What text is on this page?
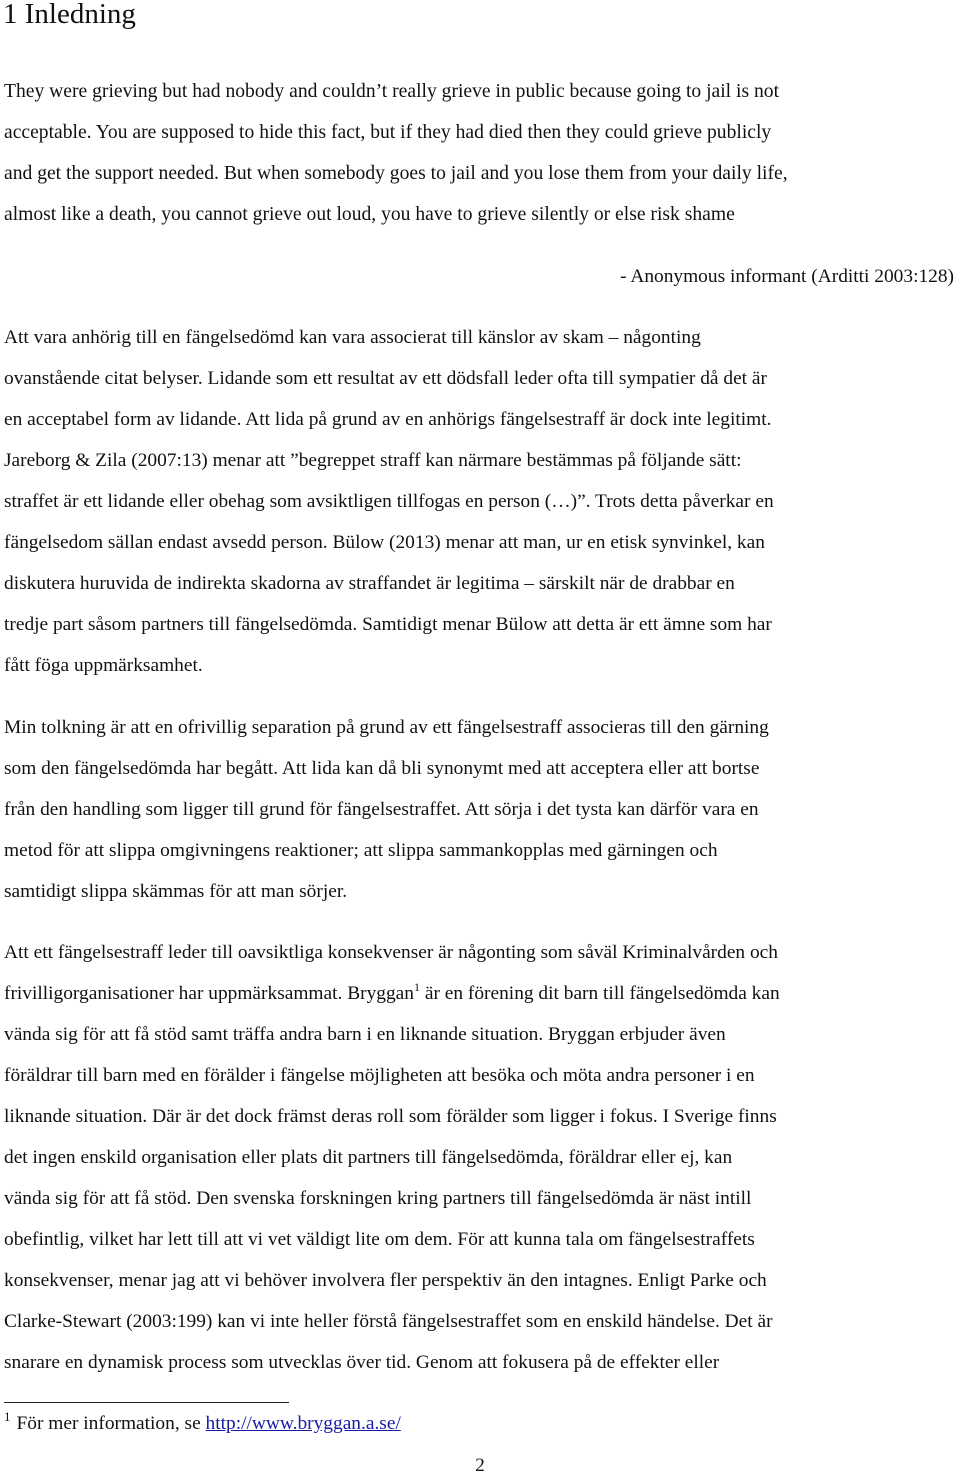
1 Inledning
They were grieving but had nobody and couldn’t really grieve in public because going to jail is not
acceptable. You are supposed to hide this fact, but if they had died then they could grieve publicly
and get the support needed. But when somebody goes to jail and you lose them from your daily life,
almost like a death, you cannot grieve out loud, you have to grieve silently or else risk shame
- Anonymous informant (Arditti 2003:128)
Att vara anhörig till en fängelsedömd kan vara associerat till känslor av skam – någonting
ovanstående citat belyser. Lidande som ett resultat av ett dödsfall leder ofta till sympatier då det är
en acceptabel form av lidande. Att lida på grund av en anhörigs fängelsestraff är dock inte legitimt.
Jareborg & Zila (2007:13) menar att ”begreppet straff kan närmare bestämmas på följande sätt:
straffet är ett lidande eller obehag som avsiktligen tillfogas en person (…)”. Trots detta påverkar en
fängelsedom sällan endast avsedd person. Bülow (2013) menar att man, ur en etisk synvinkel, kan
diskutera huruvida de indirekta skadorna av straffandet är legitima – särskilt när de drabbar en
tredje part såsom partners till fängelsedömda. Samtidigt menar Bülow att detta är ett ämne som har
fått föga uppmärksamhet.
Min tolkning är att en ofrivillig separation på grund av ett fängelsestraff associeras till den gärning
som den fängelsedömda har begått. Att lida kan då bli synonymt med att acceptera eller att bortse
från den handling som ligger till grund för fängelsestraffet. Att sörja i det tysta kan därför vara en
metod för att slippa omgivningens reaktioner; att slippa sammankopplas med gärningen och
samtidigt slippa skämmas för att man sörjer.
Att ett fängelsestraff leder till oavsiktliga konsekvenser är någonting som såväl Kriminalvården och
frivilligorganisationer har uppmärksammat. Bryggan$^1$ är en förening dit barn till fängelsedömda kan
vända sig för att få stöd samt träffa andra barn i en liknande situation. Bryggan erbjuder även
föräldrar till barn med en förälder i fängelse möjligheten att besöka och möta andra personer i en
liknande situation. Där är det dock främst deras roll som förälder som ligger i fokus. I Sverige finns
det ingen enskild organisation eller plats dit partners till fängelsedömda, föräldrar eller ej, kan
vända sig för att få stöd. Den svenska forskningen kring partners till fängelsedömda är näst intill
obefintlig, vilket har lett till att vi vet väldigt lite om dem. För att kunna tala om fängelsestraffets
konsekvenser, menar jag att vi behöver involvera fler perspektiv än den intagnes. Enligt Parke och
Clarke-Stewart (2003:199) kan vi inte heller förstå fängelsestraffet som en enskild händelse. Det är
snarare en dynamisk process som utvecklas över tid. Genom att fokusera på de effekter eller
$^1$ För mer information, se http://www.bryggan.a.se/
2
